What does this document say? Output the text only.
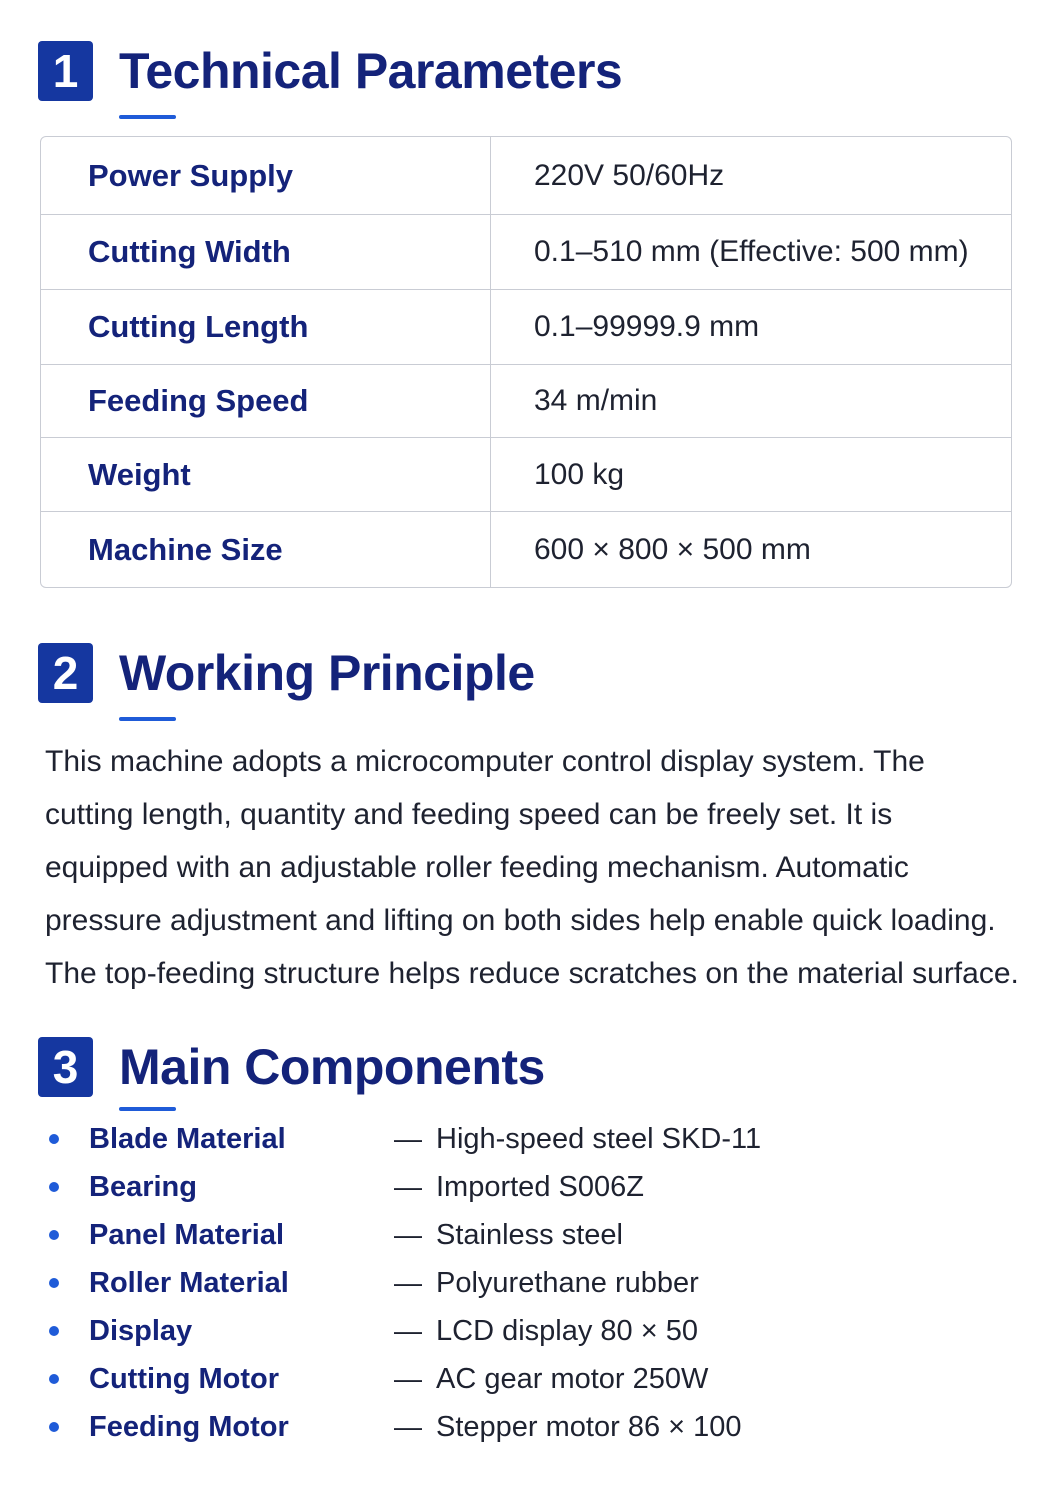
1 Technical Parameters
Power Supply	220V 50/60Hz
Cutting Width	0.1–510 mm (Effective: 500 mm)
Cutting Length	0.1–99999.9 mm
Feeding Speed	34 m/min
Weight	100 kg
Machine Size	600 × 800 × 500 mm
2 Working Principle

This machine adopts a microcomputer control display system. The cutting length, quantity and feeding speed can be freely set. It is equipped with an adjustable roller feeding mechanism. Automatic pressure adjustment and lifting on both sides help enable quick loading. The top-feeding structure helps reduce scratches on the material surface.

3 Main Components
Blade Material	— High-speed steel SKD-11
Bearing	— Imported S006Z
Panel Material	— Stainless steel
Roller Material	— Polyurethane rubber
Display	— LCD display 80 × 50
Cutting Motor	— AC gear motor 250W
Feeding Motor	— Stepper motor 86 × 100
